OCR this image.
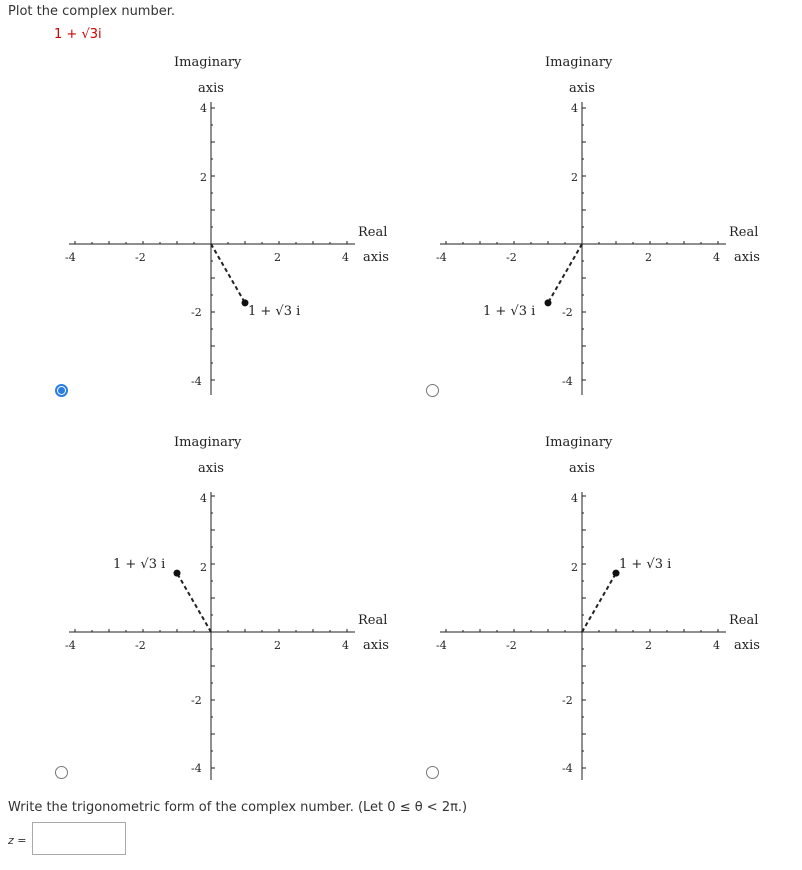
Plot the complex number.
1 + √3i
Imaginary
axis
Real
axis
-4	-2	2	4
4
2
-2
-4
1 + √3 i
Imaginary
axis
Real
axis
-4	-2	2	4
4
2
-2
-4
1 + √3 i
Imaginary
axis
Real
axis
-4	-2	2	4
4
2
-2
-4
1 + √3 i
Imaginary
axis
Real
axis
-4	-2	2	4
4
2
-2
-4
1 + √3 i
Write the trigonometric form of the complex number. (Let 0 ≤ θ < 2π.)
z =
